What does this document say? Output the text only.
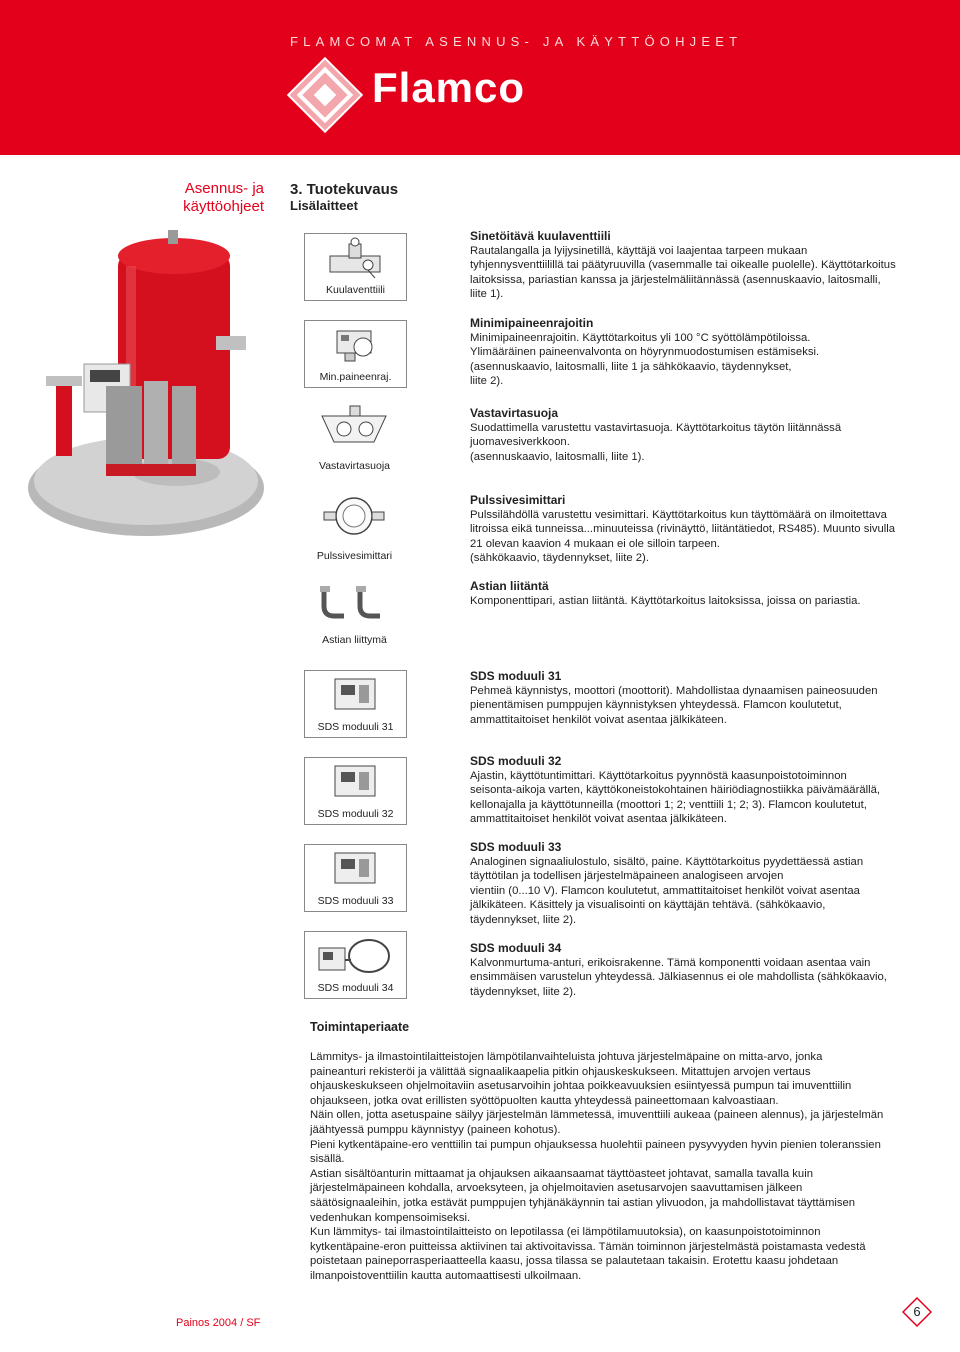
FLAMCOMAT ASENNUS- JA KÄYTTÖOHJEET
Flamco
Asennus- ja käyttöohjeet
3. Tuotekuvaus
Lisälaitteet
Kuulaventtiili
Min.paineenraj.
Vastavirtasuoja
Pulssivesimittari
Astian liittymä
SDS moduuli 31
SDS moduuli 32
SDS moduuli 33
SDS moduuli 34
Sinetöitävä kuulaventtiili
Rautalangalla ja lyijysinetillä, käyttäjä voi laajentaa tarpeen mukaan
tyhjennysventtiilillä tai päätyruuvilla (vasemmalle tai oikealle puolelle). Käyttötarkoitus
laitoksissa, pariastian kanssa ja järjestelmäliitännässä (asennuskaavio, laitosmalli,
liite 1).
Minimipaineenrajoitin
Minimipaineenrajoitin. Käyttötarkoitus yli 100 °C syöttölämpötiloissa.
Ylimääräinen paineenvalvonta on höyrynmuodostumisen estämiseksi.
(asennuskaavio, laitosmalli, liite 1 ja sähkökaavio, täydennykset,
liite 2).
Vastavirtasuoja
Suodattimella varustettu vastavirtasuoja. Käyttötarkoitus täytön liitännässä
juomavesiverkkoon.
(asennuskaavio, laitosmalli, liite 1).
Pulssivesimittari
Pulssilähdöllä varustettu vesimittari. Käyttötarkoitus kun täyttömäärä on ilmoitettava
litroissa eikä tunneissa...minuuteissa (rivinäyttö, liitäntätiedot, RS485). Muunto sivulla
21 olevan kaavion 4 mukaan ei ole silloin tarpeen.
(sähkökaavio, täydennykset, liite 2).
Astian liitäntä
Komponenttipari, astian liitäntä. Käyttötarkoitus laitoksissa, joissa on pariastia.
SDS moduuli 31
Pehmeä käynnistys, moottori (moottorit). Mahdollistaa dynaamisen paineosuuden
pienentämisen pumppujen käynnistyksen yhteydessä. Flamcon koulutetut,
ammattitaitoiset henkilöt voivat asentaa jälkikäteen.
SDS moduuli 32
Ajastin, käyttötuntimittari. Käyttötarkoitus pyynnöstä kaasunpoistotoiminnon
seisonta-aikoja varten, käyttökoneistokohtainen häiriödiagnostiikka päivämäärällä,
kellonajalla ja käyttötunneilla (moottori 1; 2; venttiili 1; 2; 3). Flamcon koulutetut,
ammattitaitoiset henkilöt voivat asentaa jälkikäteen.
SDS moduuli 33
Analoginen signaaliulostulo, sisältö, paine. Käyttötarkoitus pyydettäessä astian
täyttötilan ja todellisen järjestelmäpaineen analogiseen arvojen
vientiin (0...10 V). Flamcon koulutetut, ammattitaitoiset henkilöt voivat asentaa
jälkikäteen. Käsittely ja visualisointi on käyttäjän tehtävä. (sähkökaavio,
täydennykset, liite 2).
SDS moduuli 34
Kalvonmurtuma-anturi, erikoisrakenne. Tämä komponentti voidaan asentaa vain
ensimmäisen varustelun yhteydessä. Jälkiasennus ei ole mahdollista (sähkökaavio,
täydennykset, liite 2).
Toimintaperiaate
Lämmitys- ja ilmastointilaitteistojen lämpötilanvaihteluista johtuva järjestelmäpaine on mitta-arvo, jonka
paineanturi rekisteröi ja välittää signaalikaapelia pitkin ohjauskeskukseen. Mitattujen arvojen vertaus
ohjauskeskukseen ohjelmoitaviin asetusarvoihin johtaa poikkeavuuksien esiintyessä pumpun tai imuventtiilin
ohjaukseen, jotka ovat erillisten syöttöpuolten kautta yhteydessä paineettomaan kalvoastiaan.
Näin ollen, jotta asetuspaine säilyy järjestelmän lämmetessä, imuventtiili aukeaa (paineen alennus), ja järjestelmän
jäähtyessä pumppu käynnistyy (paineen kohotus).
Pieni kytkentäpaine-ero venttiilin tai pumpun ohjauksessa huolehtii paineen pysyvyyden hyvin pienien toleranssien
sisällä.
Astian sisältöanturin mittaamat ja ohjauksen aikaansaamat täyttöasteet johtavat, samalla tavalla kuin
järjestelmäpaineen kohdalla, arvoeksyteen, ja ohjelmoitavien asetusarvojen saavuttamisen jälkeen
säätösignaaleihin, jotka estävät pumppujen tyhjänäkäynnin tai astian ylivuodon, ja mahdollistavat täyttämisen
vedenhukan kompensoimiseksi.
Kun lämmitys- tai ilmastointilaitteisto on lepotilassa (ei lämpötilamuutoksia), on kaasunpoistotoiminnon
kytkentäpaine-eron puitteissa aktiivinen tai aktivoitavissa. Tämän toiminnon järjestelmästä poistamasta vedestä
poistetaan paineporrasperiaatteella kaasu, jossa tilassa se palautetaan takaisin. Erotettu kaasu johdetaan
ilmanpoistoventtiilin kautta automaattisesti ulkoilmaan.
Painos 2004 / SF
6
